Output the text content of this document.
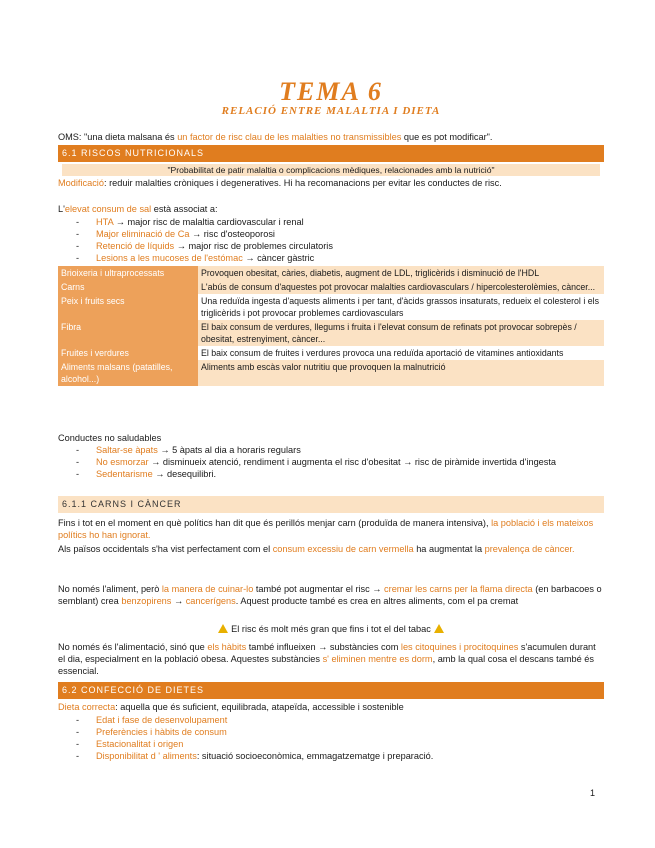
TEMA 6
RELACIÓ ENTRE MALALTIA I DIETA
OMS: "una dieta malsana és un factor de risc clau de les malalties no transmissibles que es pot modificar".
6.1 RISCOS NUTRICIONALS
"Probabilitat de patir malaltia o complicacions mèdiques, relacionades amb la nutrició"
Modificació: reduir malalties cròniques i degeneratives. Hi ha recomanacions per evitar les conductes de risc.
L'elevat consum de sal està associat a:
- HTA → major risc de malaltia cardiovascular i renal
- Major eliminació de Ca → risc d'osteoporosi
- Retenció de líquids → major risc de problemes circulatoris
- Lesions a les mucoses de l'estómac → càncer gàstric
Brioixeria i ultraprocessats	Provoquen obesitat, càries, diabetis, augment de LDL, triglicèrids i disminució de l'HDL
Carns	L'abús de consum d'aquestes pot provocar malalties cardiovasculars / hipercolesterolèmies, càncer...
Peix i fruits secs	Una reduïda ingesta d'aquests aliments i per tant, d'àcids grassos insaturats, redueix el colesterol i els triglicèrids i pot provocar problemes cardiovasculars
Fibra	El baix consum de verdures, llegums i fruita i l'elevat consum de refinats pot provocar sobrepès / obesitat, estrenyiment, càncer...
Fruites i verdures	El baix consum de fruites i verdures provoca una reduïda aportació de vitamines antioxidants
Aliments malsans (patatilles, alcohol...)	Aliments amb escàs valor nutritiu que provoquen la malnutrició
Conductes no saludables
- Saltar-se àpats → 5 àpats al dia a horaris regulars
- No esmorzar → disminueix atenció, rendiment i augmenta el risc d'obesitat → risc de piràmide invertida d'ingesta
- Sedentarisme → desequilibri.
6.1.1 CARNS I CÀNCER
Fins i tot en el moment en què polítics han dit que és perillós menjar carn (produïda de manera intensiva), la població i els mateixos polítics ho han ignorat.
Als països occidentals s'ha vist perfectament com el consum excessiu de carn vermella ha augmentat la prevalença de càncer.
No només l'aliment, però la manera de cuinar-lo també pot augmentar el risc → cremar les carns per la flama directa (en barbacoes o semblant) crea benzopirens → cancerígens. Aquest producte també es crea en altres aliments, com el pa cremat
El risc és molt més gran que fins i tot el del tabac
No només és l'alimentació, sinó que els hàbits també influeixen → substàncies com les citoquines i procitoquines s'acumulen durant el dia, especialment en la població obesa. Aquestes substàncies s' eliminen mentre es dorm, amb la qual cosa el descans també és essencial.
6.2 CONFECCIÓ DE DIETES
Dieta correcta: aquella que és suficient, equilibrada, atapeïda, accessible i sostenible
- Edat i fase de desenvolupament
- Preferències i hàbits de consum
- Estacionalitat i origen
- Disponibilitat d ' aliments: situació socioeconòmica, emmagatzematge i preparació.
1
